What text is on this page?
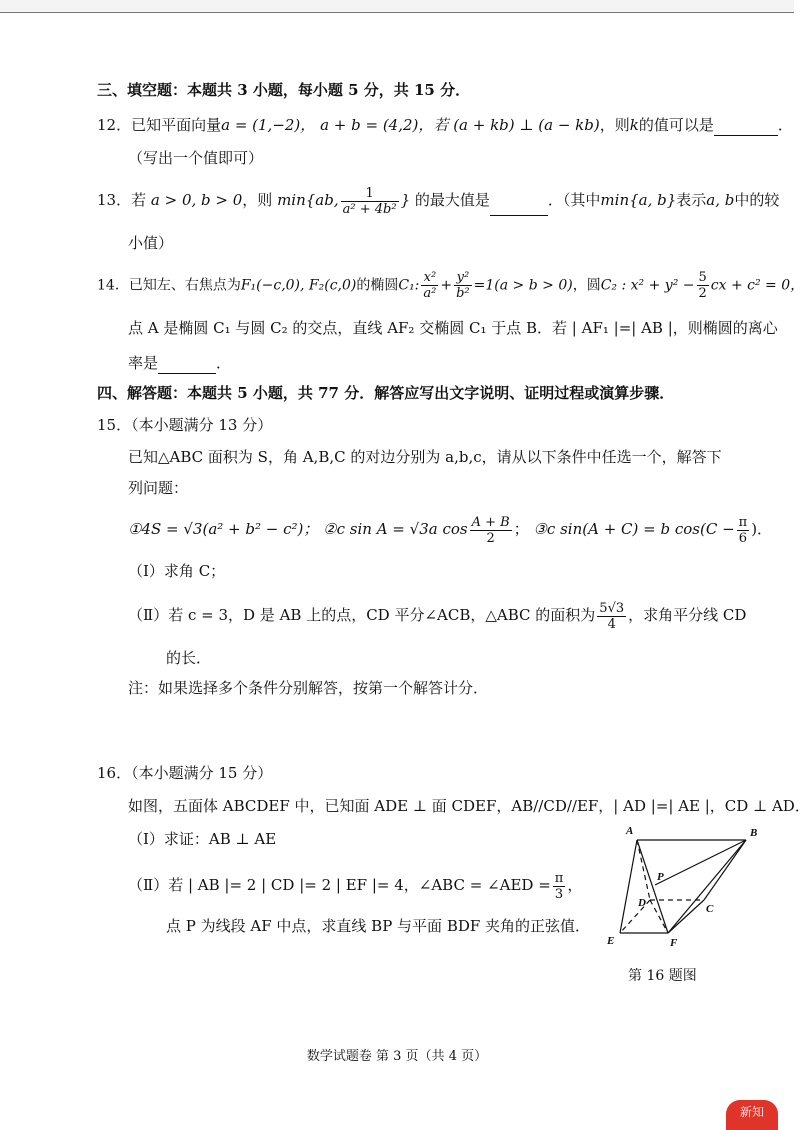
三、填空题：本题共 3 小题，每小题 5 分，共 15 分．
12．已知平面向量a = (1,−2)， a + b = (4,2)，若 (a + kb) ⊥ (a − kb)，则k的值可以是	．
（写出一个值即可）
13．若 a > 0, b > 0，则 min{ab, $\frac{1}{\text{a² + 4b²}}$ } 的最大值是	．（其中min{a, b}表示a, b中的较
小值）
14．已知左、右焦点为F₁(−c,0), F₂(c,0)的椭圆C₁: $\frac{\text{x²}}{\text{a²}} + \frac{\text{y²}}{\text{b²}} =1(a > b > 0)$，圆C₂ : $x^2 + y^2 - \frac{5}{2}$ cx + c² = 0，
点 A 是椭圆 C₁ 与圆 C₂ 的交点，直线 AF₂ 交椭圆 C₁ 于点 B．若 | AF₁ |=| AB |，则椭圆的离心
率是	．
四、解答题：本题共 5 小题，共 77 分．解答应写出文字说明、证明过程或演算步骤．
15．（本小题满分 13 分）
已知△ABC 面积为 S，角 A,B,C 的对边分别为 a,b,c，请从以下条件中任选一个，解答下
列问题：
①4S = √3(a² + b² − c²)； ②c sin A = √3a $\cos \frac{A + B}{2}$ ； ③c sin(A + C) = b $\cos(C - \frac{\pi}{6}$ )．
（Ⅰ）求角 C；
（Ⅱ）若 c = 3，D 是 AB 上的点，CD 平分∠ACB，△ABC 的面积为 $\frac{5√3}{4}$ ，求角平分线 CD
的长．
注：如果选择多个条件分别解答，按第一个解答计分．
16．（本小题满分 15 分）
如图，五面体 ABCDEF 中，已知面 ADE ⊥ 面 CDEF，AB//CD//EF，| AD |=| AE |，CD ⊥ AD．
（Ⅰ）求证：AB ⊥ AE
（Ⅱ）若 | AB |= 2 | CD |= 2 | EF |= 4，∠ABC = ∠AED = $\frac{\pi}{3}$ ，
点 P 为线段 AF 中点，求直线 BP 与平面 BDF 夹角的正弦值．
A	B
C
D
E	F
P
第 16 题图
数学试题卷 第 3 页（共 4 页）
新知
